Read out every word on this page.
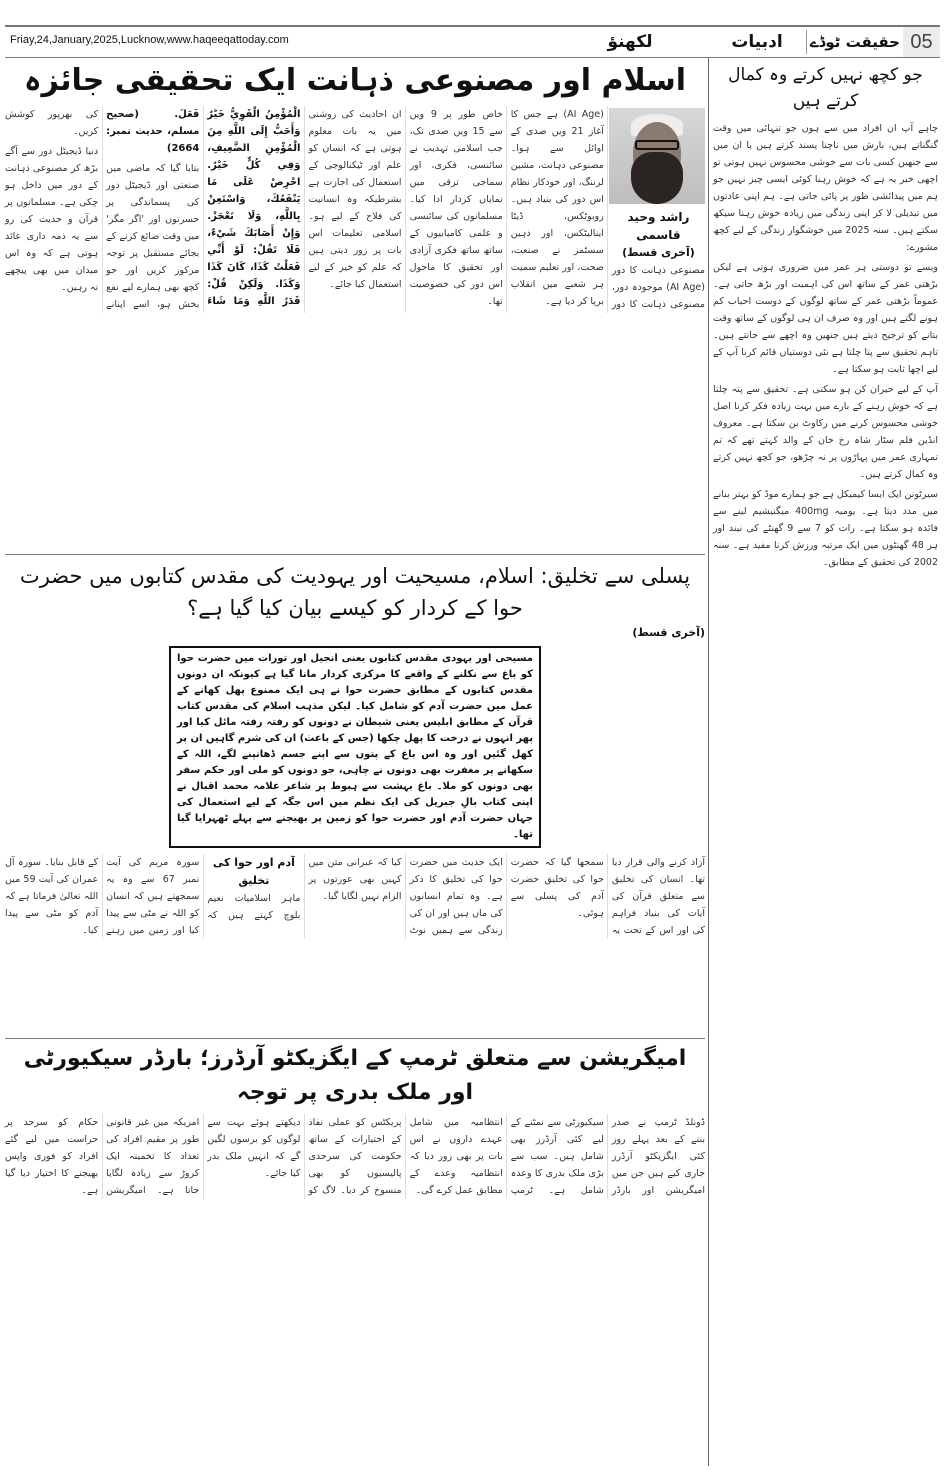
Friay,24,January,2025,Lucknow,www.haqeeqattoday.com	لکھنؤ	ادبیات	حقیقت ٹوڈے 05
جو کچھ نہیں کرتے وہ کمال کرتے ہیں

چاہے آپ ان افراد میں سے ہوں جو تنہائی میں وقت گنگناتے ہیں، بارش میں ناچنا پسند کرتے ہیں یا ان میں سے جنھیں کسی بات سے خوشی محسوس نہیں ہوتی تو اچھی خبر یہ ہے کہ خوش رہنا کوئی ایسی چیز نہیں جو ہم میں پیدائشی طور پر پائی جاتی ہے۔ ہم اپنی عادتوں میں تبدیلی لا کر اپنی زندگی میں زیادہ خوش رہنا سیکھ سکتے ہیں۔ سنہ 2025 میں خوشگوار زندگی کے لیے کچھ مشورے:

ویسے تو دوستی ہر عمر میں ضروری ہوتی ہے لیکن بڑھتی عمر کے ساتھ اس کی اہمیت اور بڑھ جاتی ہے۔ عموماً بڑھتی عمر کے ساتھ لوگوں کے دوست احباب کم ہونے لگتے ہیں اور وہ صرف ان ہی لوگوں کے ساتھ وقت بتانے کو ترجیح دیتے ہیں جنھیں وہ اچھے سے جانتے ہیں۔ تاہم تحقیق سے پتا چلتا ہے نئی دوستیاں قائم کرنا آپ کے لیے اچھا ثابت ہو سکتا ہے۔

آپ کے لیے حیران کن ہو سکتی ہے۔ تحقیق سے پتہ چلتا ہے کہ خوش رہنے کے بارے میں بہت زیادہ فکر کرنا اصل خوشی محسوس کرنے میں رکاوٹ بن سکتا ہے۔ معروف انڈین فلم سٹار شاہ رخ خان کے والد کہتے تھے کہ تم تمہاری عمر میں پہاڑوں پر نہ چڑھو، جو کچھ نہیں کرتے وہ کمال کرتے ہیں۔

سیرٹونن ایک ایسا کیمیکل ہے جو ہمارے موڈ کو بہتر بنانے میں مدد دیتا ہے۔ یومیہ 400mg میگنیشیم لینے سے فائدہ ہو سکتا ہے۔ رات کو 7 سے 9 گھنٹے کی نیند اور ہر 48 گھنٹوں میں ایک مرتبہ ورزش کرنا مفید ہے۔ سنہ 2002 کی تحقیق کے مطابق۔

اسلام اور مصنوعی ذہانت ایک تحقیقی جائزہ
راشد وحید قاسمی
(آخری قسط)

مصنوعی ذہانت کا دور (AI Age) موجودہ دور، مصنوعی ذہانت کا دور (AI Age) ہے جس کا آغاز 21 ویں صدی کے اوائل سے ہوا۔ مصنوعی ذہانت، مشین لرننگ، اور خودکار نظام اس دور کی بنیاد ہیں۔ روبوٹکس، ڈیٹا اینالیٹکس، اور ذہین سسٹمز نے صنعت، صحت، اور تعلیم سمیت ہر شعبے میں انقلاب برپا کر دیا ہے۔

خاص طور پر 9 ویں سے 15 ویں صدی تک، جب اسلامی تہذیب نے سائنسی، فکری، اور سماجی ترقی میں نمایاں کردار ادا کیا۔ مسلمانوں کی سائنسی و علمی کامیابیوں کے ساتھ ساتھ فکری آزادی اور تحقیق کا ماحول اس دور کی خصوصیت تھا۔

ان احادیث کی روشنی میں یہ بات معلوم ہوتی ہے کہ انسان کو علم اور ٹیکنالوجی کے استعمال کی اجازت ہے بشرطیکہ وہ انسانیت کی فلاح کے لیے ہو۔ اسلامی تعلیمات اس بات پر زور دیتی ہیں کہ علم کو خیر کے لیے استعمال کیا جائے۔

الْمُؤْمِنُ الْقَوِيُّ خَيْرٌ وَأَحَبُّ إِلَى اللَّهِ مِنَ الْمُؤْمِنِ الضَّعِيفِ، وَفِي كُلٍّ خَيْرٌ. احْرِصْ عَلَى مَا يَنْفَعُكَ، وَاسْتَعِنْ بِاللَّهِ، وَلَا تَعْجَزْ. وَإِنْ أَصَابَكَ شَيْءٌ، فَلَا تَقُلْ: لَوْ أَنِّي فَعَلْتُ كَذَا، كَانَ كَذَا وَكَذَا. وَلَكِنْ قُلْ: قَدَرُ اللَّهِ وَمَا شَاءَ فَعَلَ. (صحیح مسلم، حدیث نمبر: 2664)

بتایا گیا کہ ماضی میں صنعتی اور ڈیجیٹل دور کی پسماندگی پر حسرتوں اور 'اگر مگر' میں وقت ضائع کرنے کے بجائے مستقبل پر توجہ مرکوز کریں اور جو کچھ بھی ہمارے لیے نفع بخش ہو، اسے اپنانے کی بھرپور کوشش کریں۔

دنیا ڈیجیٹل دور سے آگے بڑھ کر مصنوعی ذہانت کے دور میں داخل ہو چکی ہے۔ مسلمانوں پر قرآن و حدیث کی رو سے یہ ذمہ داری عائد ہوتی ہے کہ وہ اس میدان میں بھی پیچھے نہ رہیں۔

پسلی سے تخلیق: اسلام، مسیحیت اور یہودیت کی مقدس کتابوں میں حضرت حوا کے کردار کو کیسے بیان کیا گیا ہے؟
(آخری قسط)
مسیحی اور یہودی مقدس کتابوں یعنی انجیل اور تورات میں حضرت حوا کو باغ سے نکلنے کے واقعے کا مرکزی کردار مانا گیا ہے کیونکہ ان دونوں مقدس کتابوں کے مطابق حضرت حوا نے ہی ایک ممنوع پھل کھانے کے عمل میں حضرت آدم کو شامل کیا۔ لیکن مذہب اسلام کی مقدس کتاب قرآن کے مطابق ابلیس یعنی شیطان نے دونوں کو رفتہ رفتہ مائل کیا اور پھر انہوں نے درخت کا پھل چکھا (جس کے باعث) ان کی شرم گاہیں ان پر کھل گئیں اور وہ اس باغ کے پتوں سے اپنے جسم ڈھانپنے لگے، اللہ کے سکھانے پر مغفرت بھی دونوں نے چاہی، جو دونوں کو ملی اور حکم سفر بھی دونوں کو ملا۔ باغ بہشت سے ہبوط پر شاعر علامہ محمد اقبال نے اپنی کتاب بالِ جبریل کی ایک نظم میں اس جگہ کے لیے استعمال کی جہاں حضرت آدم اور حضرت حوا کو زمین پر بھیجنے سے پہلے ٹھہرایا گیا تھا۔

آزاد کرنے والی قرار دیا تھا۔ انسان کی تخلیق سے متعلق قرآن کی آیات کی بنیاد فراہم کی اور اس کے تحت یہ سمجھا گیا کہ حضرت حوا کی تخلیق حضرت آدم کی پسلی سے ہوئی۔

ایک حدیث میں حضرت حوا کی تخلیق کا ذکر ہے۔ وہ تمام انسانوں کی ماں ہیں اور ان کی زندگی سے ہمیں نوٹ کیا کہ عبرانی متن میں کہیں بھی عورتوں پر الزام نہیں لگایا گیا۔

آدم اور حوا کی تخلیق

ماہر اسلامیات نعیم بلوچ کہتے ہیں کہ سورہ مریم کی آیت نمبر 67 سے وہ یہ سمجھتے ہیں کہ انسان کو اللہ نے مٹی سے پیدا کیا اور زمین میں رہنے کے قابل بنایا۔ سورہ آل عمران کی آیت 59 میں اللہ تعالیٰ فرماتا ہے کہ آدم کو مٹی سے پیدا کیا۔

امیگریشن سے متعلق ٹرمپ کے ایگزیکٹو آرڈرز؛ بارڈر سیکیورٹی اور ملک بدری پر توجہ

ڈونلڈ ٹرمپ نے صدر بننے کے بعد پہلے روز کئی ایگزیکٹو آرڈرز جاری کیے ہیں جن میں امیگریشن اور بارڈر سیکیورٹی سے نمٹنے کے لیے کئی آرڈرز بھی شامل ہیں۔ سب سے بڑی ملک بدری کا وعدہ شامل ہے۔ ٹرمپ انتظامیہ میں شامل عہدے داروں نے اس بات پر بھی زور دیا کہ انتظامیہ وعدے کے مطابق عمل کرے گی۔

پریکٹس کو عملی نفاذ کے اختیارات کے ساتھ حکومت کی سرحدی پالیسیوں کو بھی منسوخ کر دیا۔ لاگ کو دیکھتے ہوئے بہت سے لوگوں کو برسوں لگیں گے کہ انہیں ملک بدر کیا جائے۔

امریکہ میں غیر قانونی طور پر مقیم افراد کی تعداد کا تخمینہ ایک کروڑ سے زیادہ لگایا جاتا ہے۔ امیگریشن حکام کو سرحد پر حراست میں لیے گئے افراد کو فوری واپس بھیجنے کا اختیار دیا گیا ہے۔
